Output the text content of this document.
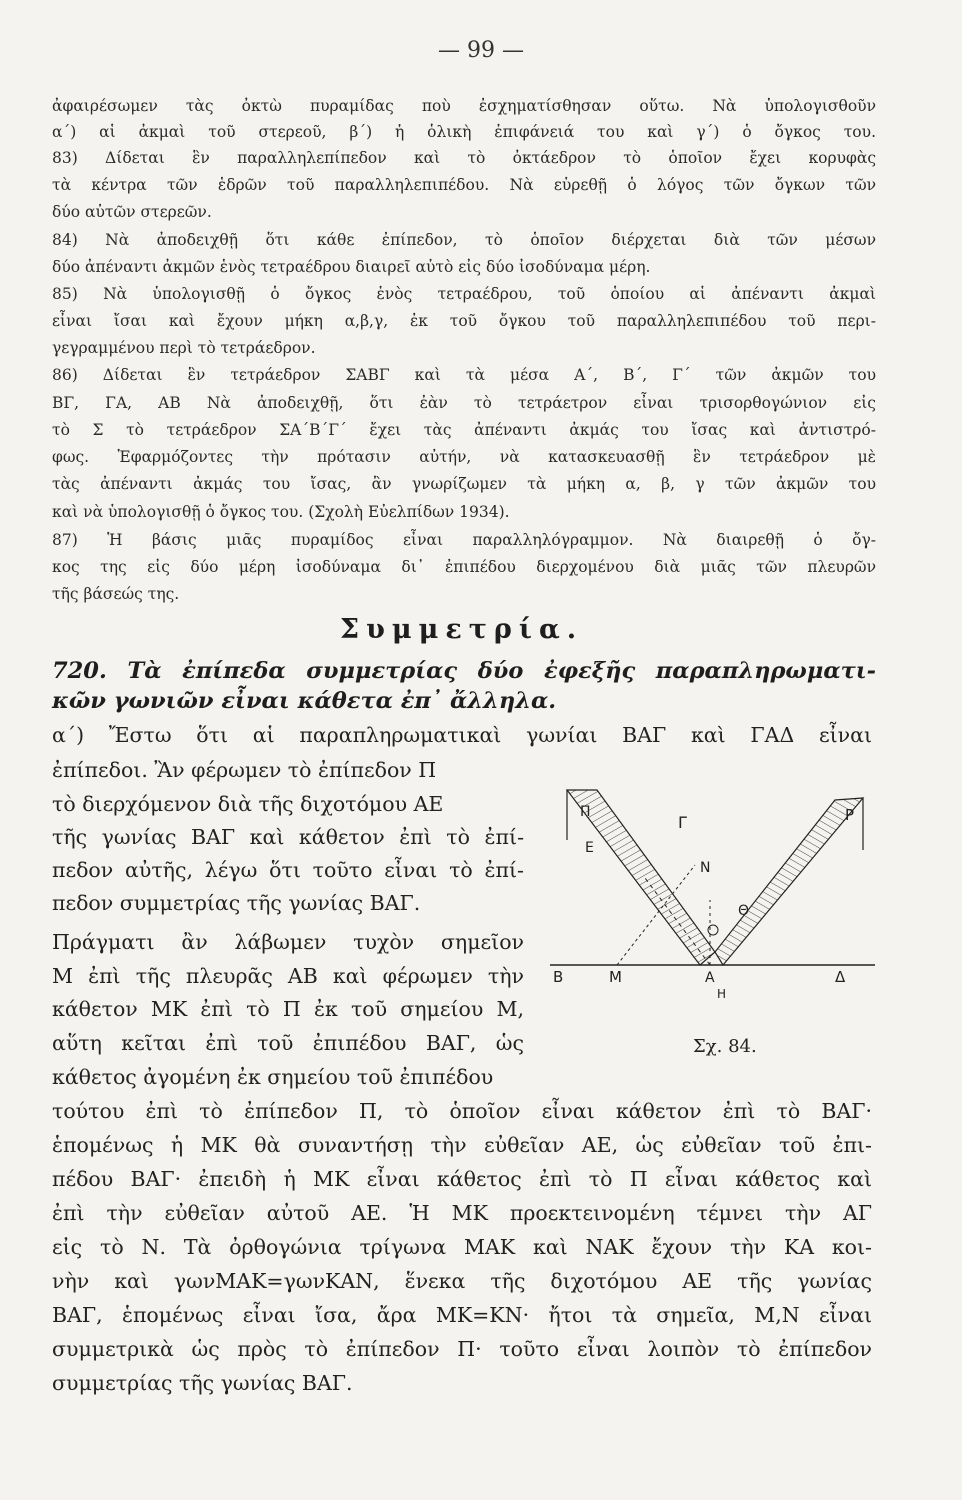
— 99 —
ἀφαιρέσωμεν τὰς ὀκτὼ πυραμίδας ποὺ ἐσχηματίσθησαν οὕτω. Νὰ ὑπολογισθοῦν
α΄) αἱ ἀκμαὶ τοῦ στερεοῦ, β΄) ἡ ὁλικὴ ἐπιφάνειά του καὶ γ΄) ὁ ὄγκος του.
83) Δίδεται ἓν παραλληλεπίπεδον καὶ τὸ ὀκτάεδρον τὸ ὁποῖον ἔχει κορυφὰς
τὰ κέντρα τῶν ἑδρῶν τοῦ παραλληλεπιπέδου. Νὰ εὑρεθῇ ὁ λόγος τῶν ὄγκων τῶν
δύο αὐτῶν στερεῶν.
84) Νὰ ἀποδειχθῇ ὅτι κάθε ἐπίπεδον, τὸ ὁποῖον διέρχεται διὰ τῶν μέσων
δύο ἀπέναντι ἀκμῶν ἑνὸς τετραέδρου διαιρεῖ αὐτὸ εἰς δύο ἰσοδύναμα μέρη.
85) Νὰ ὑπολογισθῇ ὁ ὄγκος ἑνὸς τετραέδρου, τοῦ ὁποίου αἱ ἀπέναντι ἀκμαὶ
εἶναι ἴσαι καὶ ἔχουν μήκη α,β,γ, ἐκ τοῦ ὄγκου τοῦ παραλληλεπιπέδου τοῦ περι-
γεγραμμένου περὶ τὸ τετράεδρον.
86) Δίδεται ἓν τετράεδρον ΣΑΒΓ καὶ τὰ μέσα Α΄, Β΄, Γ΄ τῶν ἀκμῶν του
ΒΓ, ΓΑ, ΑΒ Νὰ ἀποδειχθῇ, ὅτι ἐὰν τὸ τετράετρον εἶναι τρισορθογώνιον εἰς
τὸ Σ τὸ τετράεδρον ΣΑ΄Β΄Γ΄ ἔχει τὰς ἀπέναντι ἀκμάς του ἴσας καὶ ἀντιστρό-
φως. Ἐφαρμόζοντες τὴν πρότασιν αὐτήν, νὰ κατασκευασθῇ ἓν τετράεδρον μὲ
τὰς ἀπέναντι ἀκμάς του ἴσας, ἂν γνωρίζωμεν τὰ μήκη α, β, γ τῶν ἀκμῶν του
καὶ νὰ ὑπολογισθῇ ὁ ὄγκος του. (Σχολὴ Εὐελπίδων 1934).
87) Ἡ βάσις μιᾶς πυραμίδος εἶναι παραλληλόγραμμον. Νὰ διαιρεθῇ ὁ ὄγ-
κος της εἰς δύο μέρη ἰσοδύναμα δι᾿ ἐπιπέδου διερχομένου διὰ μιᾶς τῶν πλευρῶν
τῆς βάσεώς της.
Συμμετρία.
720. Τὰ ἐπίπεδα συμμετρίας δύο ἐφεξῆς παραπληρωματι-
κῶν γωνιῶν εἶναι κάθετα ἐπ᾿ ἄλληλα.
α΄) Ἔστω ὅτι αἱ παραπληρωματικαὶ γωνίαι ΒΑΓ καὶ ΓΑΔ εἶναι
ἐπίπεδοι. Ἂν φέρωμεν τὸ ἐπίπεδον Π
τὸ διερχόμενον διὰ τῆς διχοτόμου ΑΕ
τῆς γωνίας ΒΑΓ καὶ κάθετον ἐπὶ τὸ ἐπί-
πεδον αὐτῆς, λέγω ὅτι τοῦτο εἶναι τὸ ἐπί-
πεδον συμμετρίας τῆς γωνίας ΒΑΓ.
Πράγματι ἂν λάβωμεν τυχὸν σημεῖον
Μ ἐπὶ τῆς πλευρᾶς ΑΒ καὶ φέρωμεν τὴν
κάθετον ΜΚ ἐπὶ τὸ Π ἐκ τοῦ σημείου Μ,
αὕτη κεῖται ἐπὶ τοῦ ἐπιπέδου ΒΑΓ, ὡς
κάθετος ἀγομένη ἐκ σημείου τοῦ ἐπιπέδου
τούτου ἐπὶ τὸ ἐπίπεδον Π, τὸ ὁποῖον εἶναι κάθετον ἐπὶ τὸ ΒΑΓ·
ἑπομένως ἡ ΜΚ θὰ συναντήσῃ τὴν εὐθεῖαν ΑΕ, ὡς εὐθεῖαν τοῦ ἐπι-
πέδου ΒΑΓ· ἐπειδὴ ἡ ΜΚ εἶναι κάθετος ἐπὶ τὸ Π εἶναι κάθετος καὶ
ἐπὶ τὴν εὐθεῖαν αὐτοῦ ΑΕ. Ἡ ΜΚ προεκτεινομένη τέμνει τὴν ΑΓ
εἰς τὸ Ν. Τὰ ὀρθογώνια τρίγωνα ΜΑΚ καὶ ΝΑΚ ἔχουν τὴν ΚΑ κοι-
νὴν καὶ γωνΜΑΚ=γωνΚΑΝ, ἕνεκα τῆς διχοτόμου ΑΕ τῆς γωνίας
ΒΑΓ, ἑπομένως εἶναι ἴσα, ἄρα ΜΚ=ΚΝ· ἤτοι τὰ σημεῖα, Μ,Ν εἶναι
συμμετρικὰ ὡς πρὸς τὸ ἐπίπεδον Π· τοῦτο εἶναι λοιπὸν τὸ ἐπίπεδον
συμμετρίας τῆς γωνίας ΒΑΓ.
Γ	Ρ
Π
Ε
Ν
Θ
Β	Μ	Α	Δ
Η
Σχ. 84.
